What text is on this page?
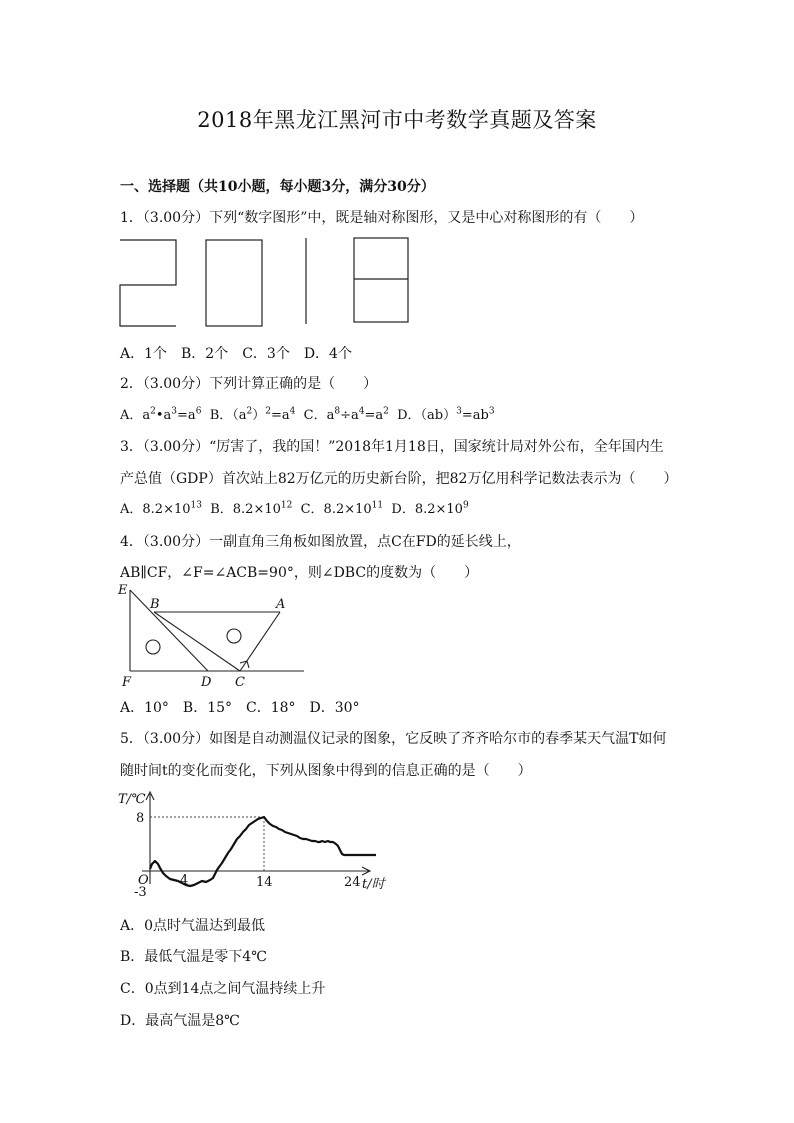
2018年黑龙江黑河市中考数学真题及答案
一、选择题（共10小题，每小题3分，满分30分）
1．（3.00分）下列“数字图形”中，既是轴对称图形，又是中心对称图形的有（　　）
A．1个　B．2个　C．3个　D．4个
2．（3.00分）下列计算正确的是（　　）
A．$a^2•a^3=a^6$ B．$(a^2)^2=a^4$ C．$a^8\div a^4=a^2$ D．$(ab)^3=ab^3$
3．（3.00分）“厉害了，我的国！”2018年1月18日，国家统计局对外公布，全年国内生
产总值（GDP）首次站上82万亿元的历史新台阶，把82万亿用科学记数法表示为（　　）
A．$8.2\times 10^{13}$ B．$8.2\times 10^{12}$ C．$8.2\times 10^{11}$ D．$8.2\times 10^9$
4．（3.00分）一副直角三角板如图放置，点C在FD的延长线上，
AB∥CF，∠F=∠ACB=90°，则∠DBC的度数为（　　）
E
B	A
F	D C
A．10°　B．15°　C．18°　D．30°
5．（3.00分）如图是自动测温仪记录的图象，它反映了齐齐哈尔市的春季某天气温T如何
随时间t的变化而变化，下列从图象中得到的信息正确的是（　　）
T/℃
8
O
-3
4	14	24 t/时
A．0点时气温达到最低
B．最低气温是零下4℃
C．0点到14点之间气温持续上升
D．最高气温是8℃
